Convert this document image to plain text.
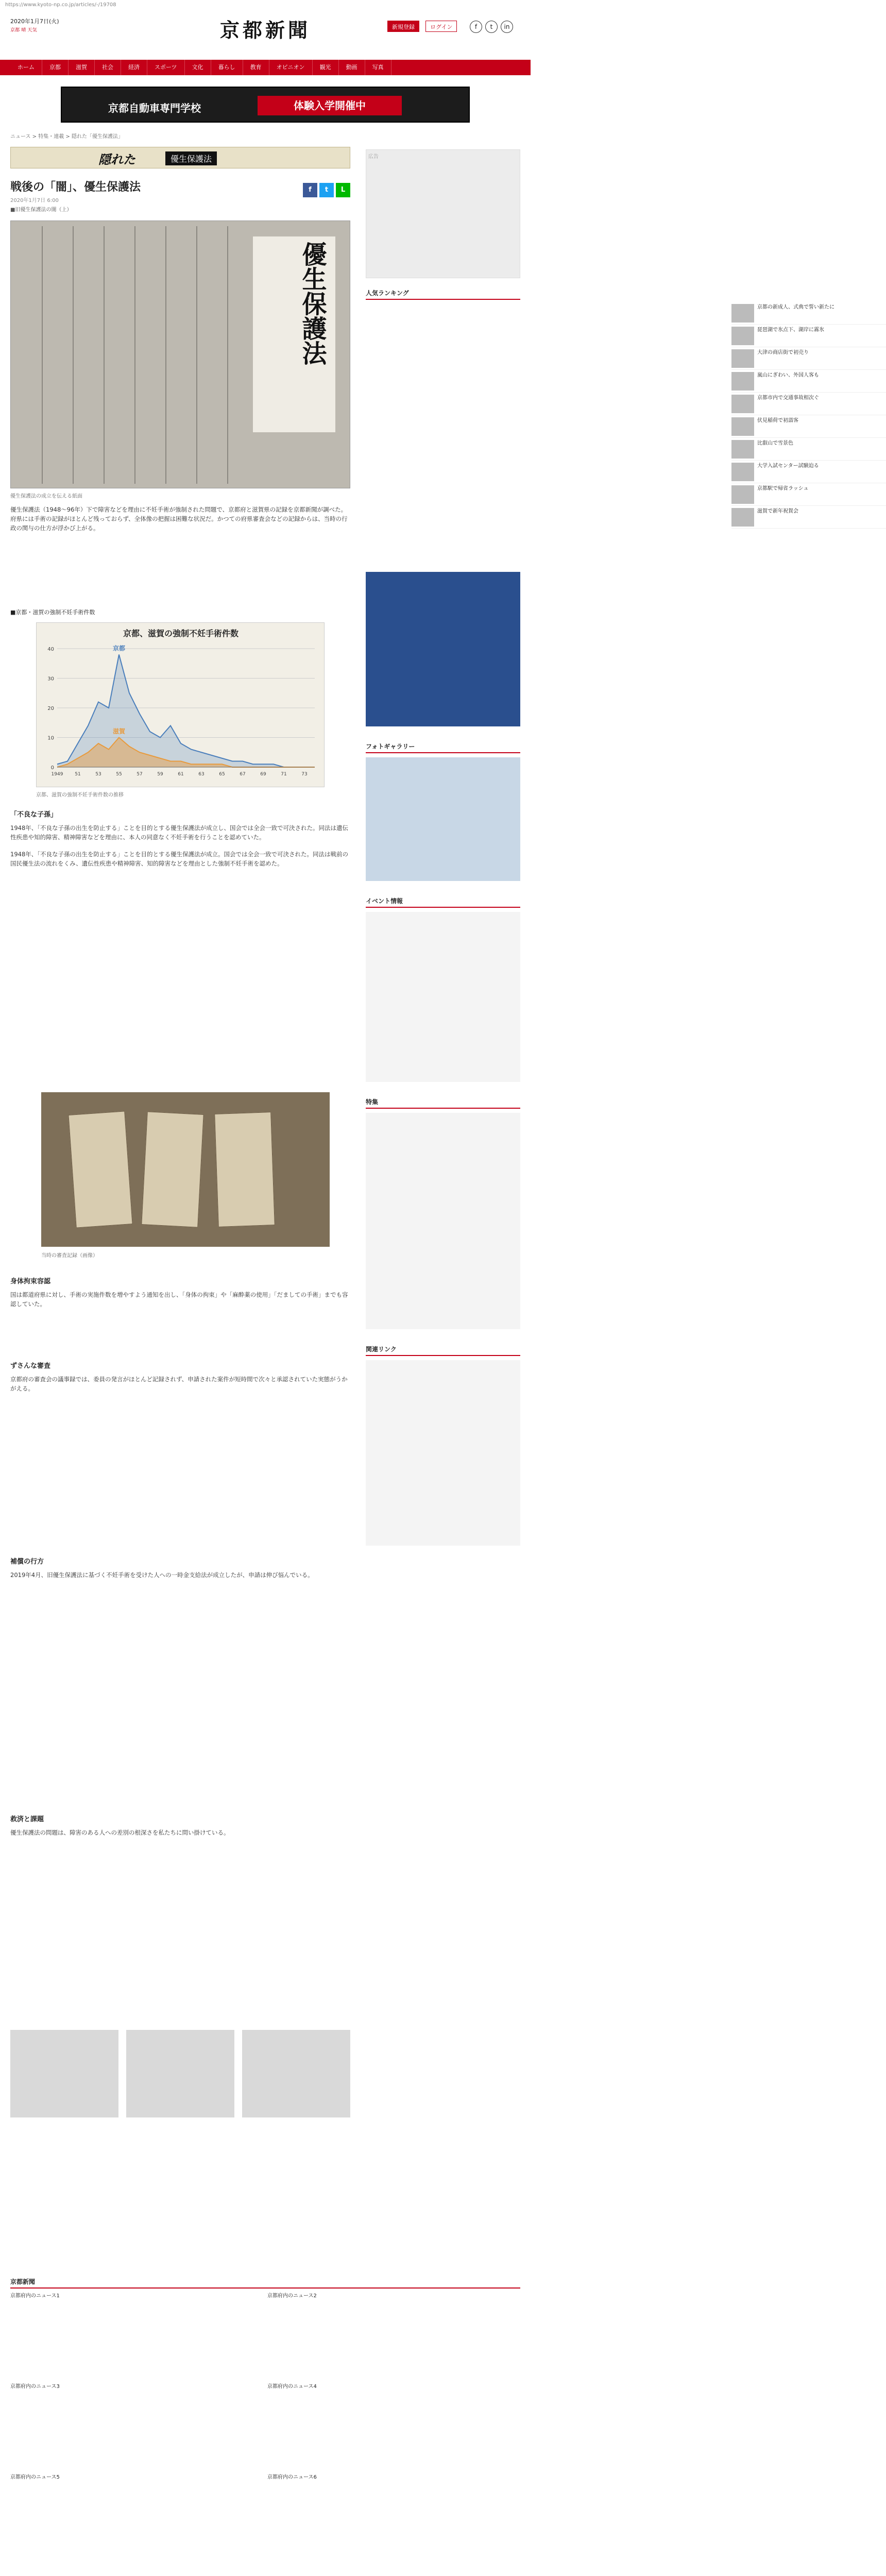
https://www.kyoto-np.co.jp/articles/-/19708
2020年1月7日(火)
京都 晴 天気	京都新聞	新規登録	ログイン	f	t	in
ホーム	京都	滋賀	社会	経済	スポーツ	文化	暮らし	教育	オピニオン	観光	動画	写真
京都自動車専門学校	体験入学開催中
ニュース > 特集・連載 > 隠れた「優生保護法」
隠れた	優生保護法
戦後の「闇」、優生保護法
2020年1月7日 6:00
f	t	L
■旧優生保護法の闇（上）
優生保護法
優生保護法の成立を伝える紙面

優生保護法（1948〜96年）下で障害などを理由に不妊手術が強制された問題で、京都府と滋賀県の記録を京都新聞が調べた。府県には手術の記録がほとんど残っておらず、全体像の把握は困難な状況だ。かつての府県審査会などの記録からは、当時の行政の関与の仕方が浮かび上がる。

■京都・滋賀の強制不妊手術件数
京都、滋賀の強制不妊手術件数
0
10
20
30
40	京都
滋賀
1949	51	53	55	57	59	61	63	65	67	69	71	73
京都、滋賀の強制不妊手術件数の推移
「不良な子孫」

1948年、「不良な子孫の出生を防止する」ことを目的とする優生保護法が成立し、国会では全会一致で可決された。同法は遺伝性疾患や知的障害、精神障害などを理由に、本人の同意なく不妊手術を行うことを認めていた。

1948年、「不良な子孫の出生を防止する」ことを目的とする優生保護法が成立。国会では全会一致で可決された。同法は戦前の国民優生法の流れをくみ、遺伝性疾患や精神障害、知的障害などを理由とした強制不妊手術を認めた。

当時の審査記録（画像）
身体拘束容認

国は都道府県に対し、手術の実施件数を増やすよう通知を出し、「身体の拘束」や「麻酔薬の使用」「だましての手術」までも容認していた。

ずさんな審査

京都府の審査会の議事録では、委員の発言がほとんど記録されず、申請された案件が短時間で次々と承認されていた実態がうかがえる。

補償の行方

2019年4月、旧優生保護法に基づく不妊手術を受けた人への一時金支給法が成立したが、申請は伸び悩んでいる。

救済と課題

優生保護法の問題は、障害のある人への差別の根深さを私たちに問い掛けている。

広告
人気ランキング
京都の新成人、式典で誓い新たに
琵琶湖で氷点下、湖岸に霧氷
大津の商店街で初売り
嵐山にぎわい、外国人客も
京都市内で交通事故相次ぐ
伏見稲荷で初詣客
比叡山で雪景色
大学入試センター試験迫る
京都駅で帰省ラッシュ
滋賀で新年祝賀会
フォトギャラリー
イベント情報
特集
関連リンク
京都新聞
京都府内のニュース1	京都府内のニュース2
京都府内のニュース3	京都府内のニュース4
京都府内のニュース5	京都府内のニュース6
